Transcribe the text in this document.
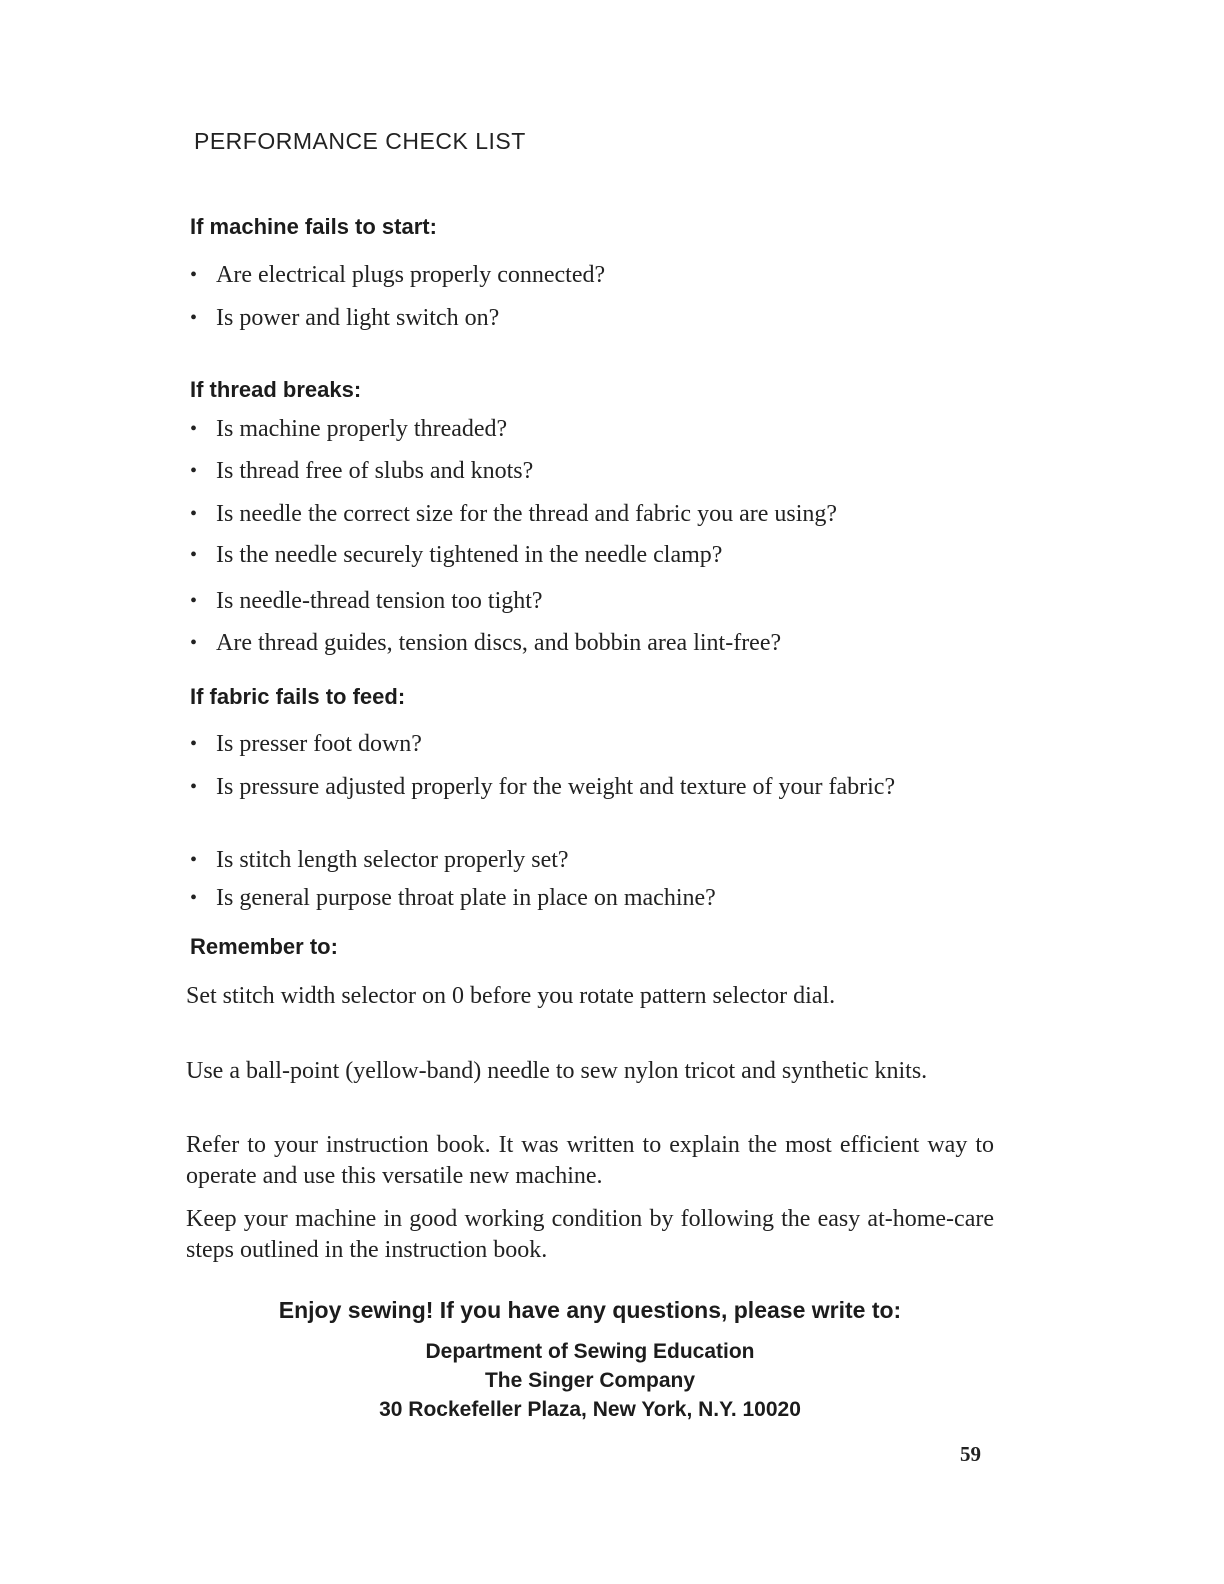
PERFORMANCE CHECK LIST
If machine fails to start:
• Are electrical plugs properly connected?
• Is power and light switch on?
If thread breaks:
• Is machine properly threaded?
• Is thread free of slubs and knots?
• Is needle the correct size for the thread and fabric you are using?
• Is the needle securely tightened in the needle clamp?
• Is needle-thread tension too tight?
• Are thread guides, tension discs, and bobbin area lint-free?
If fabric fails to feed:
• Is presser foot down?
• Is pressure adjusted properly for the weight and texture of your fabric?
• Is stitch length selector properly set?
• Is general purpose throat plate in place on machine?
Remember to:
Set stitch width selector on 0 before you rotate pattern selector dial.
Use a ball-point (yellow-band) needle to sew nylon tricot and synthetic knits.
Refer to your instruction book. It was written to explain the most efficient way to operate and use this versatile new machine.
Keep your machine in good working condition by following the easy at-home-care steps outlined in the instruction book.
Enjoy sewing! If you have any questions, please write to:
Department of Sewing Education
The Singer Company
30 Rockefeller Plaza, New York, N.Y. 10020
59
